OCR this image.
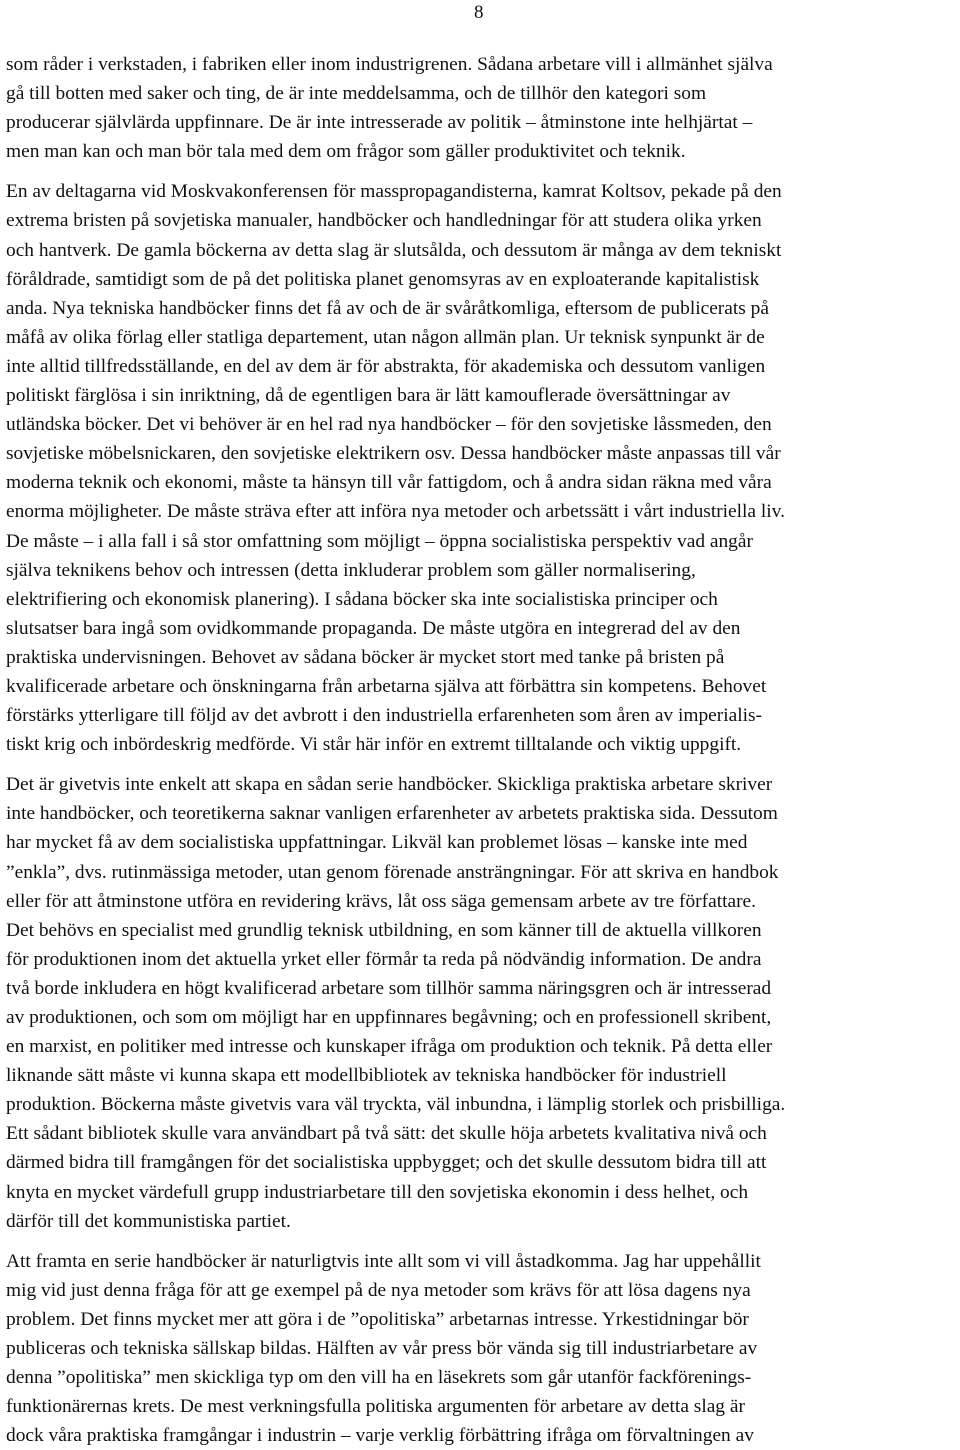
8

som råder i verkstaden, i fabriken eller inom industrigrenen. Sådana arbetare vill i allmänhet själva
gå till botten med saker och ting, de är inte meddelsamma, och de tillhör den kategori som
producerar självlärda uppfinnare. De är inte intresserade av politik – åtminstone inte helhjärtat –
men man kan och man bör tala med dem om frågor som gäller produktivitet och teknik.

En av deltagarna vid Moskvakonferensen för masspropagandisterna, kamrat Koltsov, pekade på den
extrema bristen på sovjetiska manualer, handböcker och handledningar för att studera olika yrken
och hantverk. De gamla böckerna av detta slag är slutsålda, och dessutom är många av dem tekniskt
föråldrade, samtidigt som de på det politiska planet genomsyras av en exploaterande kapitalistisk
anda. Nya tekniska handböcker finns det få av och de är svåråtkomliga, eftersom de publicerats på
måfå av olika förlag eller statliga departement, utan någon allmän plan. Ur teknisk synpunkt är de
inte alltid tillfredsställande, en del av dem är för abstrakta, för akademiska och dessutom vanligen
politiskt färglösa i sin inriktning, då de egentligen bara är lätt kamouflerade översättningar av
utländska böcker. Det vi behöver är en hel rad nya handböcker – för den sovjetiske låssmeden, den
sovjetiske möbelsnickaren, den sovjetiske elektrikern osv. Dessa handböcker måste anpassas till vår
moderna teknik och ekonomi, måste ta hänsyn till vår fattigdom, och å andra sidan räkna med våra
enorma möjligheter. De måste sträva efter att införa nya metoder och arbetssätt i vårt industriella liv.
De måste – i alla fall i så stor omfattning som möjligt – öppna socialistiska perspektiv vad angår
själva teknikens behov och intressen (detta inkluderar problem som gäller normalisering,
elektrifiering och ekonomisk planering). I sådana böcker ska inte socialistiska principer och
slutsatser bara ingå som ovidkommande propaganda. De måste utgöra en integrerad del av den
praktiska undervisningen. Behovet av sådana böcker är mycket stort med tanke på bristen på
kvalificerade arbetare och önskningarna från arbetarna själva att förbättra sin kompetens. Behovet
förstärks ytterligare till följd av det avbrott i den industriella erfarenheten som åren av imperialis-
tiskt krig och inbördeskrig medförde. Vi står här inför en extremt tilltalande och viktig uppgift.

Det är givetvis inte enkelt att skapa en sådan serie handböcker. Skickliga praktiska arbetare skriver
inte handböcker, och teoretikerna saknar vanligen erfarenheter av arbetets praktiska sida. Dessutom
har mycket få av dem socialistiska uppfattningar. Likväl kan problemet lösas – kanske inte med
”enkla”, dvs. rutinmässiga metoder, utan genom förenade ansträngningar. För att skriva en handbok
eller för att åtminstone utföra en revidering krävs, låt oss säga gemensam arbete av tre författare.
Det behövs en specialist med grundlig teknisk utbildning, en som känner till de aktuella villkoren
för produktionen inom det aktuella yrket eller förmår ta reda på nödvändig information. De andra
två borde inkludera en högt kvalificerad arbetare som tillhör samma näringsgren och är intresserad
av produktionen, och som om möjligt har en uppfinnares begåvning; och en professionell skribent,
en marxist, en politiker med intresse och kunskaper ifråga om produktion och teknik. På detta eller
liknande sätt måste vi kunna skapa ett modellbibliotek av tekniska handböcker för industriell
produktion. Böckerna måste givetvis vara väl tryckta, väl inbundna, i lämplig storlek och prisbilliga.
Ett sådant bibliotek skulle vara användbart på två sätt: det skulle höja arbetets kvalitativa nivå och
därmed bidra till framgången för det socialistiska uppbygget; och det skulle dessutom bidra till att
knyta en mycket värdefull grupp industriarbetare till den sovjetiska ekonomin i dess helhet, och
därför till det kommunistiska partiet.

Att framta en serie handböcker är naturligtvis inte allt som vi vill åstadkomma. Jag har uppehållit
mig vid just denna fråga för att ge exempel på de nya metoder som krävs för att lösa dagens nya
problem. Det finns mycket mer att göra i de ”opolitiska” arbetarnas intresse. Yrkestidningar bör
publiceras och tekniska sällskap bildas. Hälften av vår press bör vända sig till industriarbetare av
denna ”opolitiska” men skickliga typ om den vill ha en läsekrets som går utanför fackförenings-
funktionärernas krets. De mest verkningsfulla politiska argumenten för arbetare av detta slag är
dock våra praktiska framgångar i industrin – varje verklig förbättring ifråga om förvaltningen av
